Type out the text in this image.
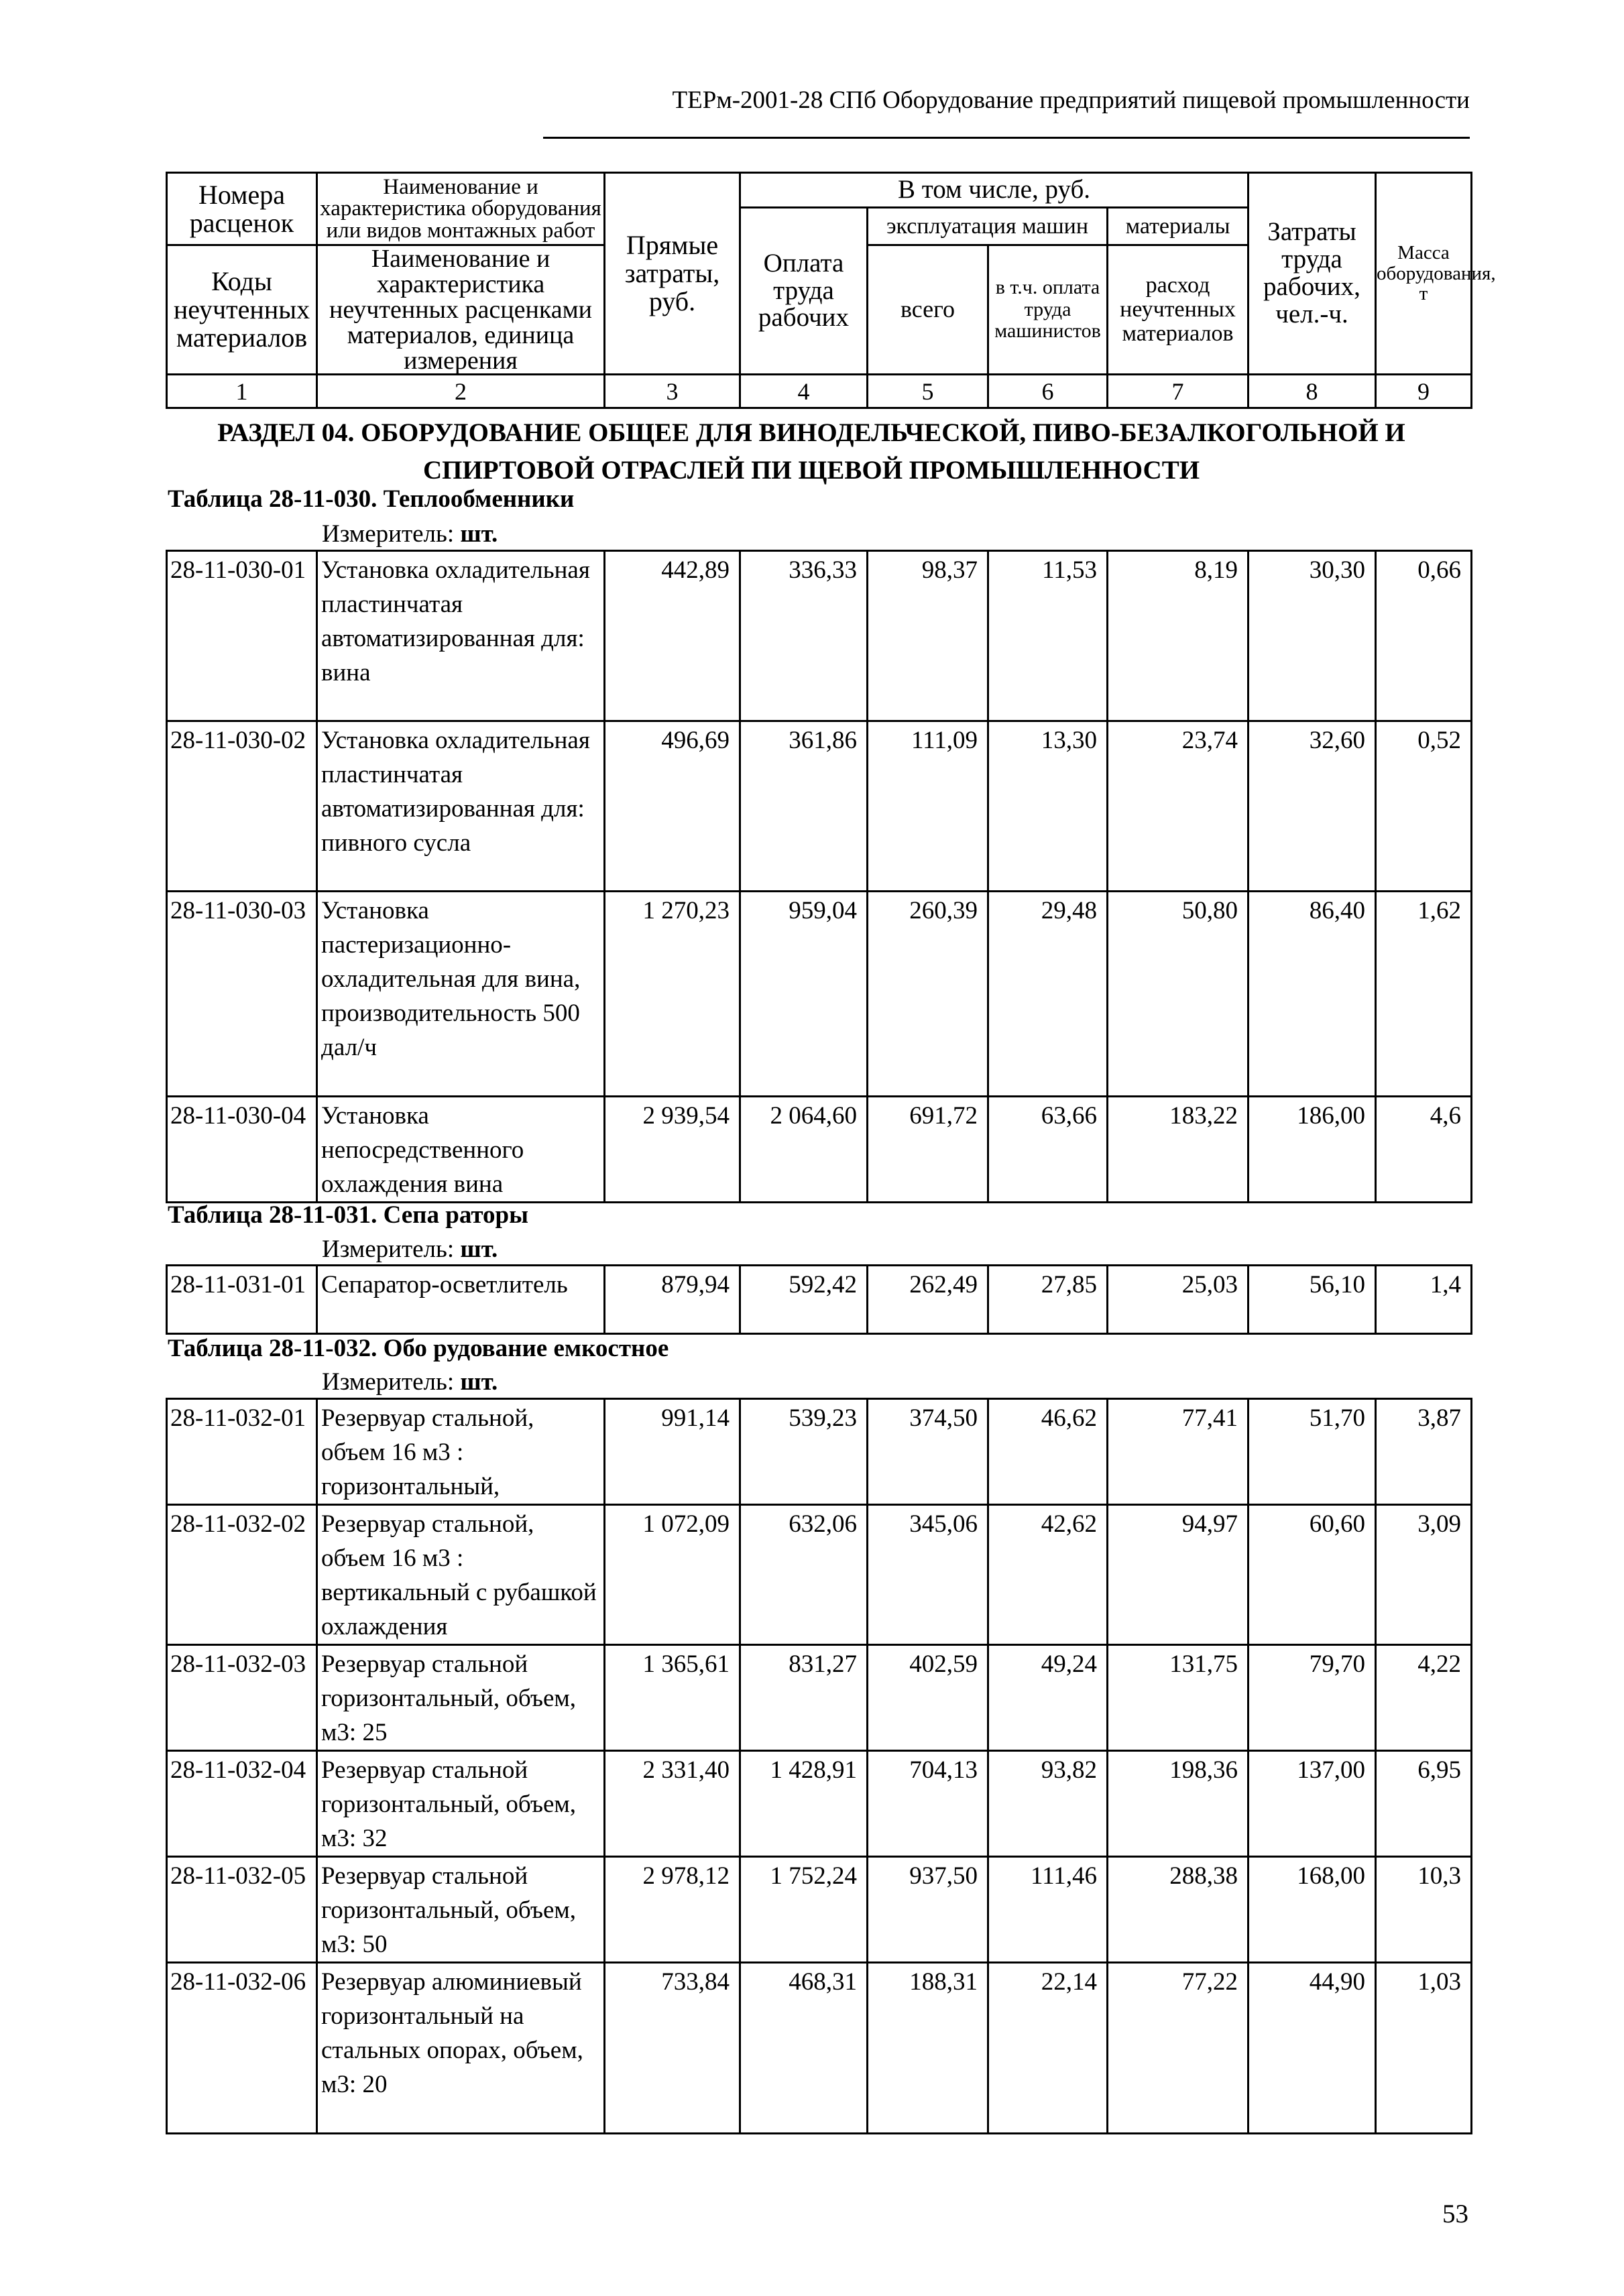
ТЕРм-2001-28 СПб Оборудование предприятий пищевой промышленности
Номера расценок	Наименование и характеристика оборудования или видов монтажных работ	Прямые затраты, руб.	В том числе, руб.				Затраты труда рабочих, чел.-ч.	Масса оборудования, т
			Оплата труда рабочих	эксплуатация машин		материалы		
Коды неучтенных материалов	Наименование и характеристика неучтенных расценками материалов, единица измерения			всего	в т.ч. оплата труда машинистов	расход неучтенных материалов		

1	2	3	4	5	6	7	8	9
РАЗДЕЛ 04. ОБОРУДОВАНИЕ ОБЩЕЕ ДЛЯ ВИНОДЕЛЬЧЕСКОЙ, ПИВО-БЕЗАЛКОГОЛЬНОЙ И СПИРТОВОЙ ОТРАСЛЕЙ ПИ ЩЕВОЙ ПРОМЫШЛЕННОСТИ
Таблица 28-11-030. Теплообменники
Измеритель: шт.
28-11-030-01	Установка охладительная пластинчатая автоматизированная для: вина	442,89	336,33	98,37	11,53	8,19	30,30	0,66
28-11-030-02	Установка охладительная пластинчатая автоматизированная для: пивного сусла	496,69	361,86	111,09	13,30	23,74	32,60	0,52
28-11-030-03	Установка пастеризационно-охладительная для вина, производительность 500 дал/ч	1 270,23	959,04	260,39	29,48	50,80	86,40	1,62
28-11-030-04	Установка непосредственного охлаждения вина	2 939,54	2 064,60	691,72	63,66	183,22	186,00	4,6
Таблица 28-11-031. Сепа раторы
Измеритель: шт.
28-11-031-01	Сепаратор-осветлитель	879,94	592,42	262,49	27,85	25,03	56,10	1,4
Таблица 28-11-032. Обо рудование емкостное
Измеритель: шт.
28-11-032-01	Резервуар стальной, объем 16 м3 : горизонтальный,	991,14	539,23	374,50	46,62	77,41	51,70	3,87
28-11-032-02	Резервуар стальной, объем 16 м3 : вертикальный с рубашкой охлаждения	1 072,09	632,06	345,06	42,62	94,97	60,60	3,09
28-11-032-03	Резервуар стальной горизонтальный, объем, м3: 25	1 365,61	831,27	402,59	49,24	131,75	79,70	4,22
28-11-032-04	Резервуар стальной горизонтальный, объем, м3: 32	2 331,40	1 428,91	704,13	93,82	198,36	137,00	6,95
28-11-032-05	Резервуар стальной горизонтальный, объем, м3: 50	2 978,12	1 752,24	937,50	111,46	288,38	168,00	10,3
28-11-032-06	Резервуар алюминиевый горизонтальный на стальных опорах, объем, м3: 20	733,84	468,31	188,31	22,14	77,22	44,90	1,03
53
